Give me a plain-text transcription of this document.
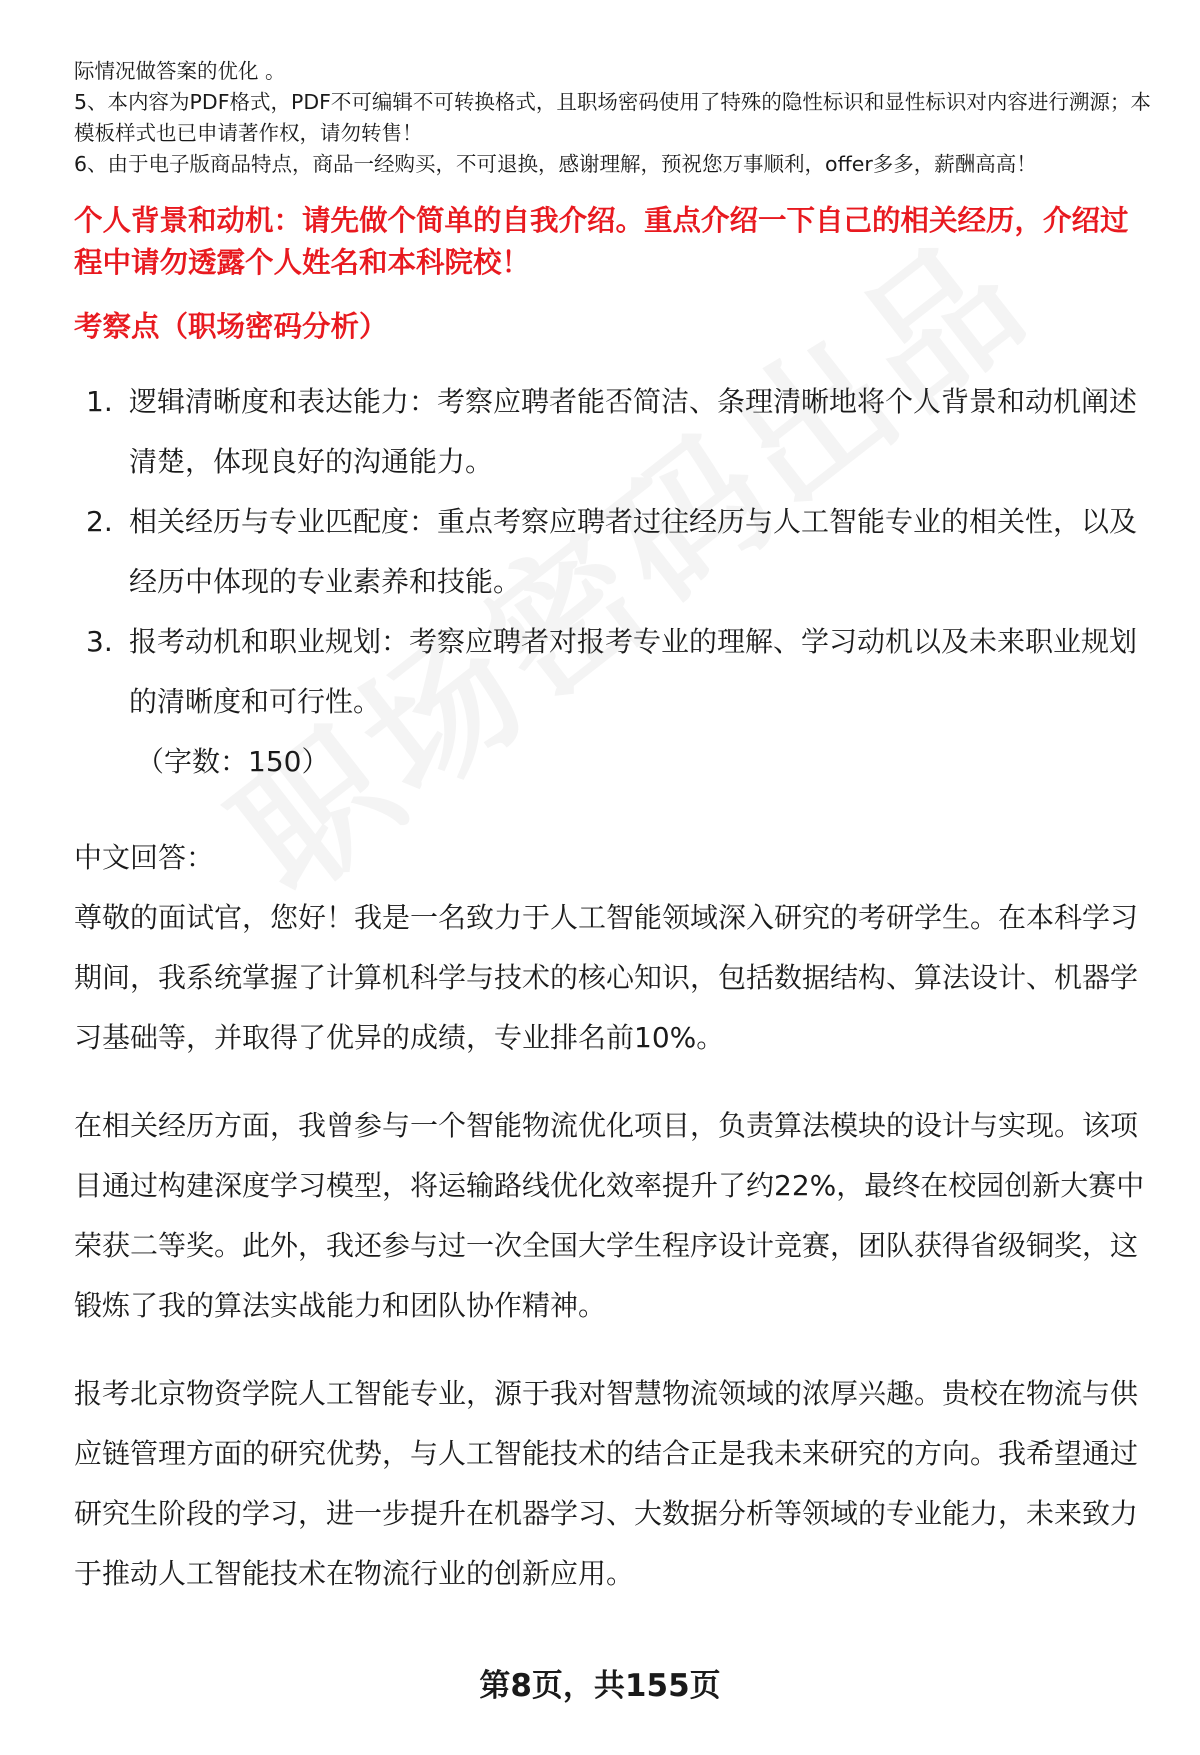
际情况做答案的优化 。

5、本内容为PDF格式，PDF不可编辑不可转换格式，且职场密码使用了特殊的隐性标识和显性标识对内容进行溯源；本模板样式也已申请著作权，请勿转售！

6、由于电子版商品特点，商品一经购买，不可退换，感谢理解，预祝您万事顺利，offer多多，薪酬高高！

个人背景和动机：请先做个简单的自我介绍。重点介绍一下自己的相关经历，介绍过程中请勿透露个人姓名和本科院校！
考察点（职场密码分析）
1. 逻辑清晰度和表达能力：考察应聘者能否简洁、条理清晰地将个人背景和动机阐述清楚，体现良好的沟通能力。
2. 相关经历与专业匹配度：重点考察应聘者过往经历与人工智能专业的相关性，以及经历中体现的专业素养和技能。
3. 报考动机和职业规划：考察应聘者对报考专业的理解、学习动机以及未来职业规划的清晰度和可行性。

（字数：150）

中文回答：

尊敬的面试官，您好！我是一名致力于人工智能领域深入研究的考研学生。在本科学习期间，我系统掌握了计算机科学与技术的核心知识，包括数据结构、算法设计、机器学习基础等，并取得了优异的成绩，专业排名前10%。

在相关经历方面，我曾参与一个智能物流优化项目，负责算法模块的设计与实现。该项目通过构建深度学习模型，将运输路线优化效率提升了约22%，最终在校园创新大赛中荣获二等奖。此外，我还参与过一次全国大学生程序设计竞赛，团队获得省级铜奖，这锻炼了我的算法实战能力和团队协作精神。

报考北京物资学院人工智能专业，源于我对智慧物流领域的浓厚兴趣。贵校在物流与供应链管理方面的研究优势，与人工智能技术的结合正是我未来研究的方向。我希望通过研究生阶段的学习，进一步提升在机器学习、大数据分析等领域的专业能力，未来致力于推动人工智能技术在物流行业的创新应用。

第8页，共155页
